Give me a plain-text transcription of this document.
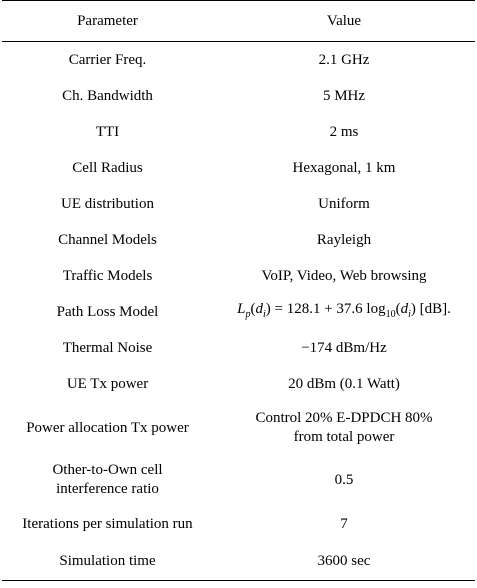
Parameter	Value
Carrier Freq.	2.1 GHz
Ch. Bandwidth	5 MHz
TTI	2 ms
Cell Radius	Hexagonal, 1 km
UE distribution	Uniform
Channel Models	Rayleigh
Traffic Models	VoIP, Video, Web browsing
Path Loss Model	$L_p(d_i) = 128.1 + 37.6$ $\log_{10}(d_i)$ [dB].
Thermal Noise	−174 dBm/Hz
UE Tx power	20 dBm (0.1 Watt)
Power allocation Tx power	Control 20% E-DPDCH 80%
from total power
Other-to-Own cell
interference ratio	0.5
Iterations per simulation run	7
Simulation time	3600 sec
